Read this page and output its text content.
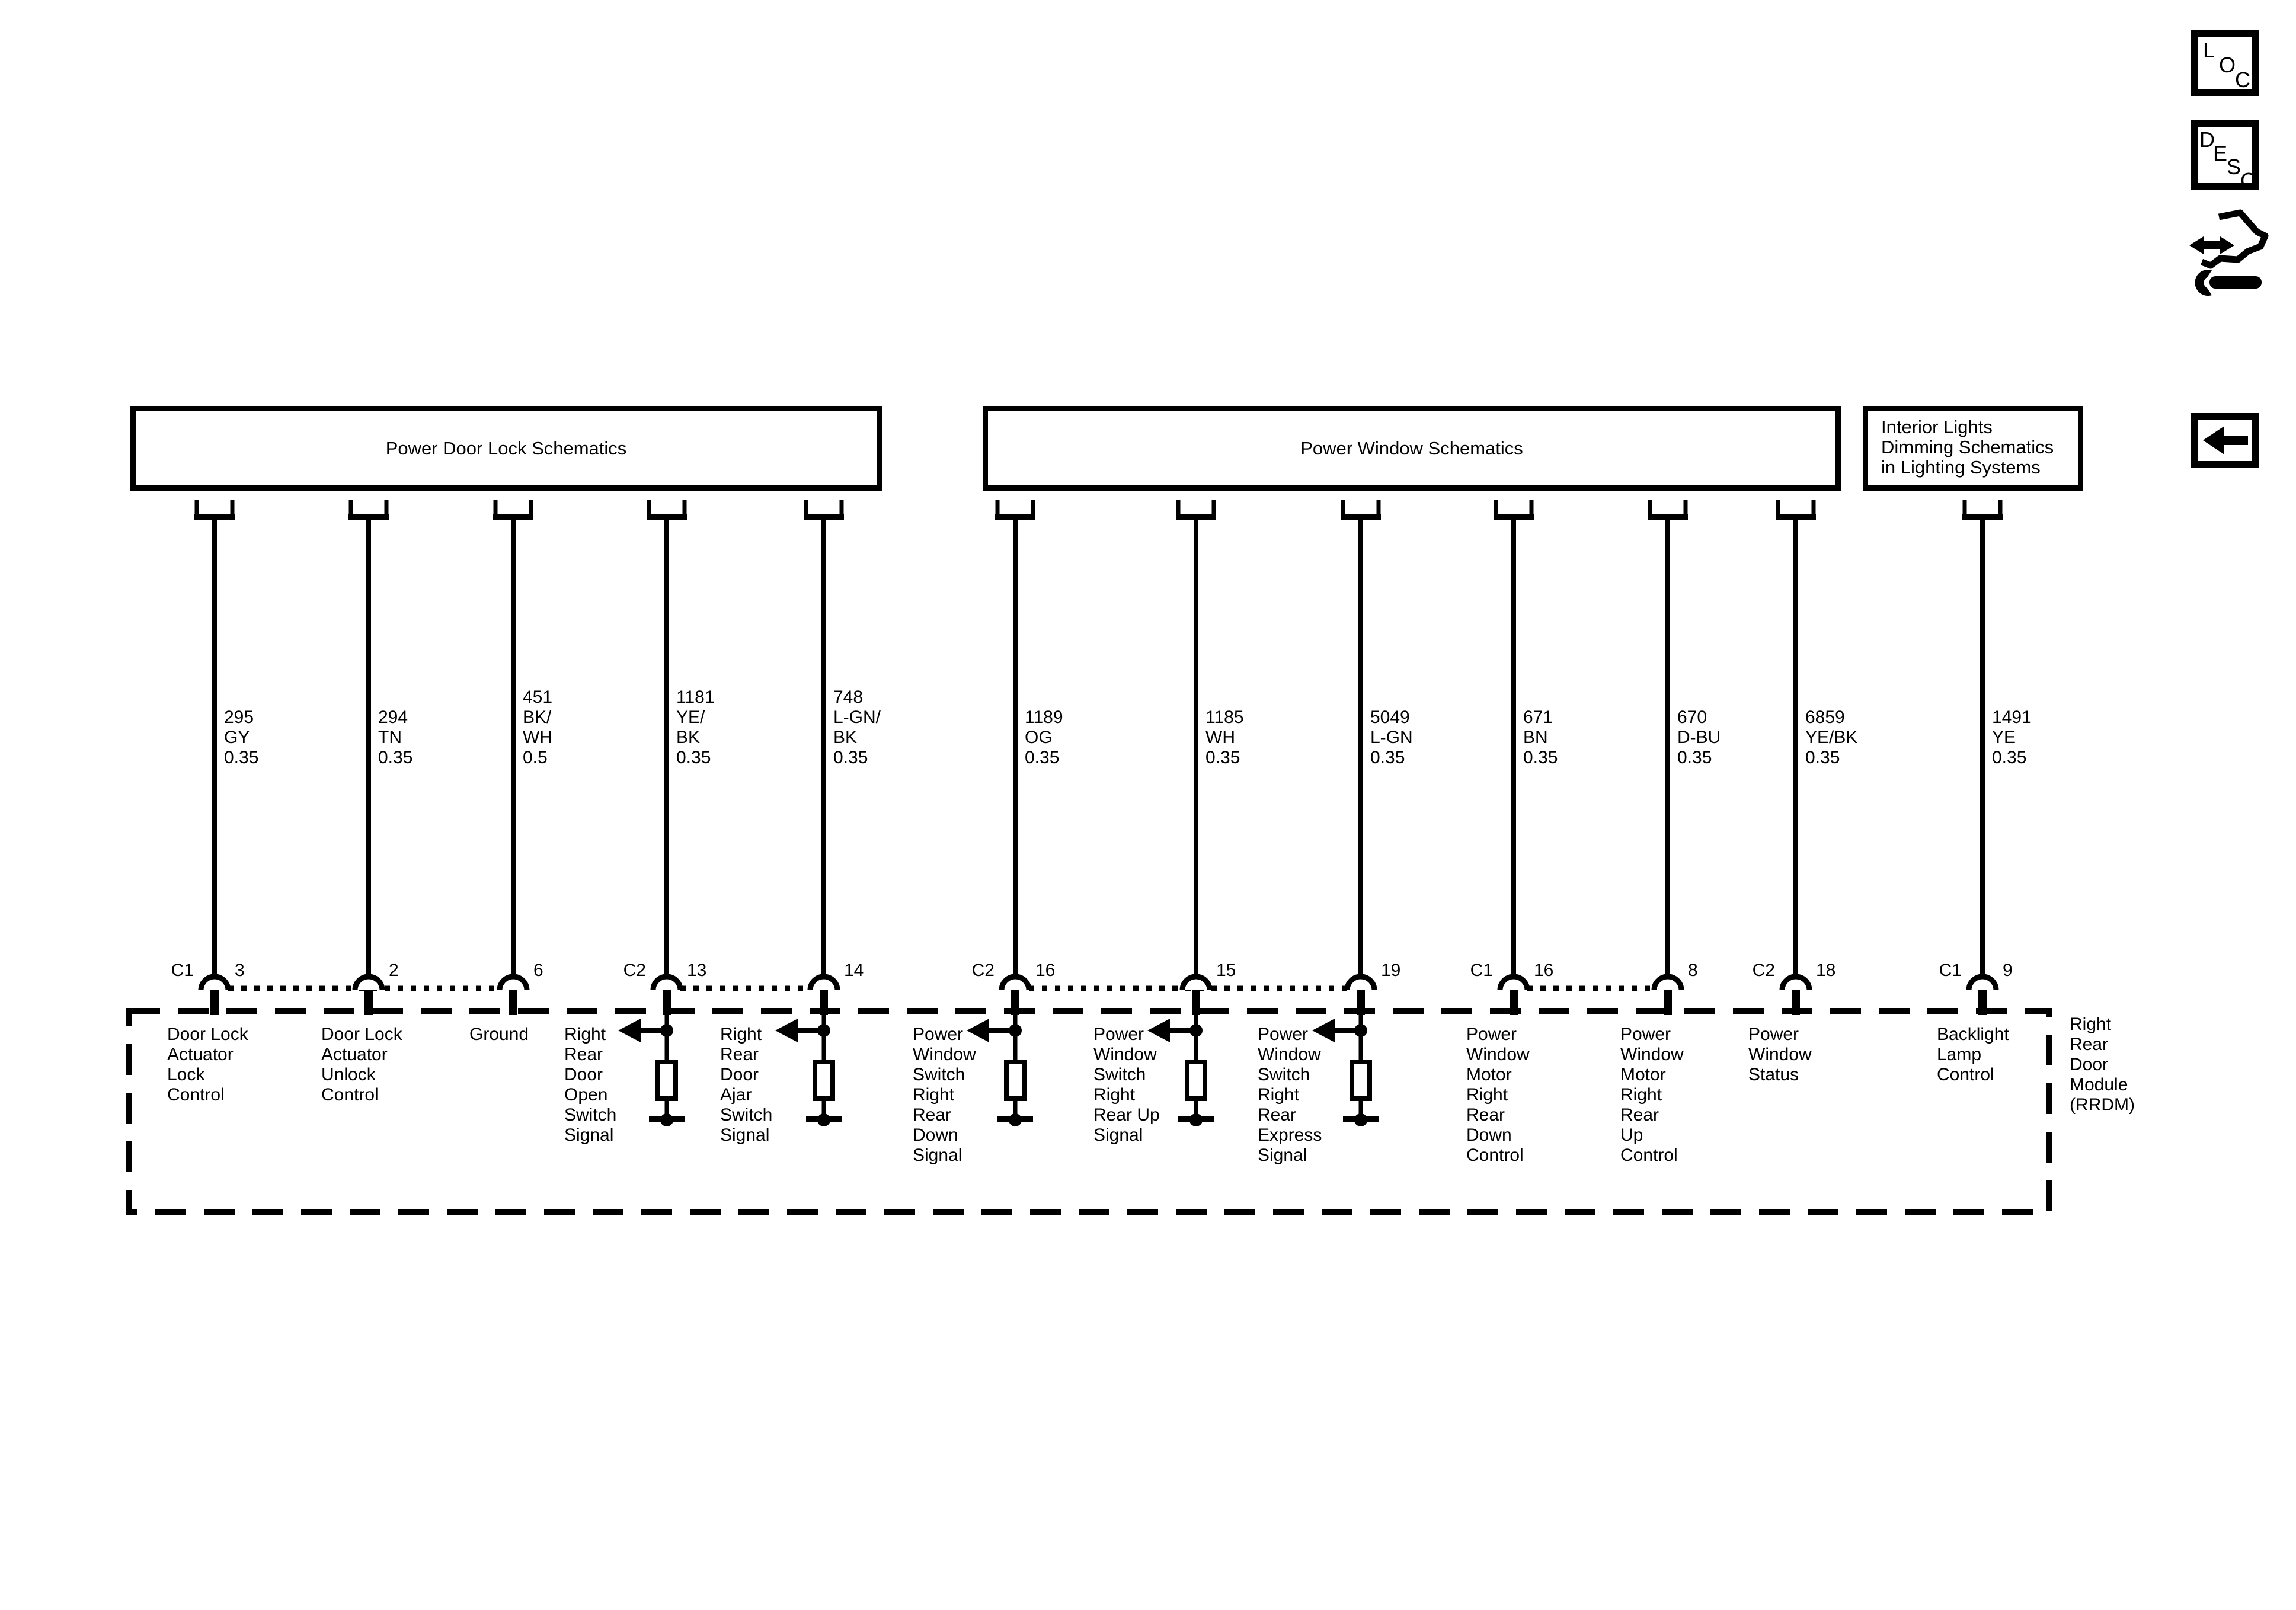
L
O
C
D
E
S
C
295
GY
0.35
C1 3
Door Lock
Actuator
Lock
Control
294
TN
0.35
2
Door Lock
Actuator
Unlock
Control
451
BK/
WH
0.5
6
Ground
1181
YE/
BK
0.35
C2 13
Right
Rear
Door
Open
Switch
Signal
748
L-GN/
BK
0.35
14
Right
Rear
Door
Ajar
Switch
Signal
1189
OG
0.35
C2 16
Power
Window
Switch
Right
Rear
Down
Signal
1185
WH
0.35
15
Power
Window
Switch
Right
Rear Up
Signal
5049
L-GN
0.35
19
Power
Window
Switch
Right
Rear
Express
Signal
671
BN
0.35
C1 16
Power
Window
Motor
Right
Rear
Down
Control
670
D-BU
0.35
8
Power
Window
Motor
Right
Rear
Up
Control
6859
YE/BK
0.35
C2 18
Power
Window
Status
1491
YE
0.35
C1 9
Backlight
Lamp
Control
Right
Rear
Door
Module
(RRDM)
Power Door Lock Schematics	Power Window Schematics
Interior Lights
Dimming Schematics
in Lighting Systems
